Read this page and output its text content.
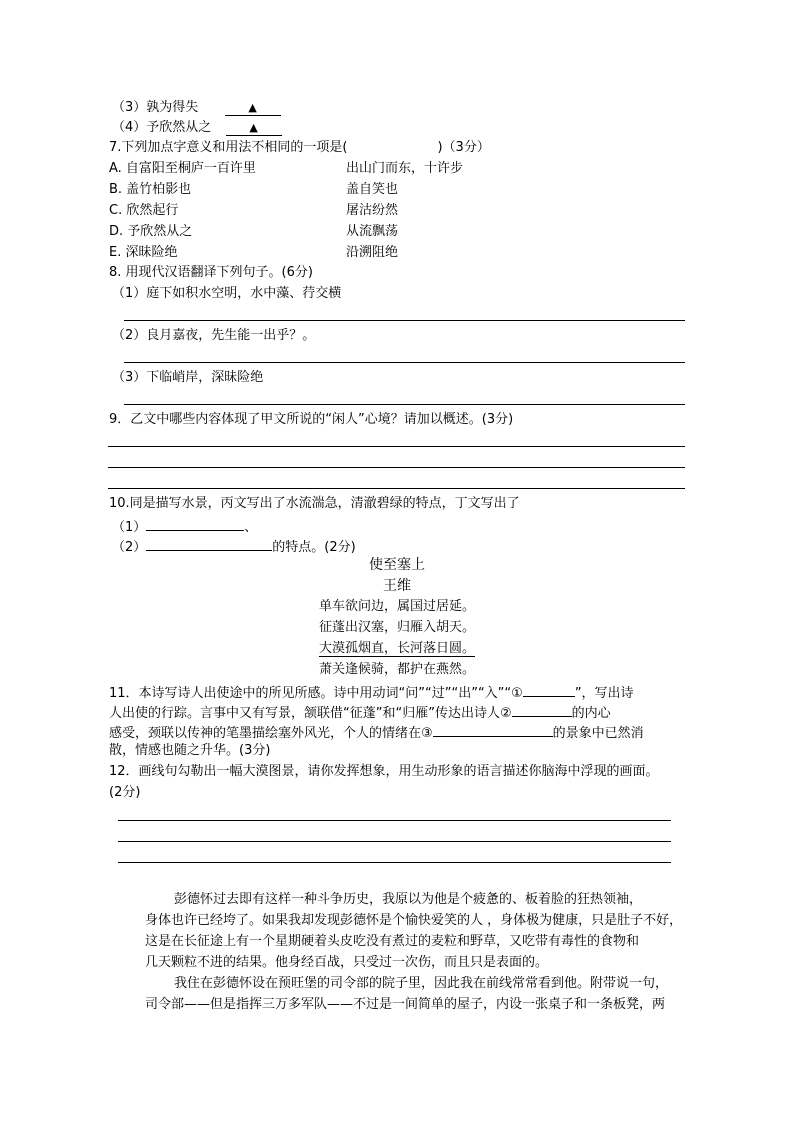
（3）孰为得失	▲
（4）予欣然从之	▲
7.下列加点字意义和用法不相同的一项是(	)（3分）
A. 自富阳至桐庐一百许里	出山门而东，十许步
B. 盖竹柏影也	盖自笑也
C. 欣然起行	屠沽纷然
D. 予欣然从之	从流飘荡
E. 深昧险绝	沿溯阻绝
8. 用现代汉语翻译下列句子。(6分)
（1）庭下如积水空明，水中藻、荇交横
（2）良月嘉夜，先生能一出乎？。
（3）下临峭岸，深昧险绝
9．乙文中哪些内容体现了甲文所说的“闲人”心境？请加以概述。(3分)
10.同是描写水景，丙文写出了水流湍急，清澈碧绿的特点，丁文写出了
（1）	、
（2）	的特点。(2分)
使至塞上
王维
单车欲问边，属国过居延。
征蓬出汉塞，归雁入胡天。
大漠孤烟直，长河落日圆。
萧关逢候骑，都护在燕然。
11．本诗写诗人出使途中的所见所感。诗中用动词“问”“过”“出”“入”“①	”，写出诗
人出使的行踪。言事中又有写景，颔联借“征蓬”和“归雁”传达出诗人②	的内心
感受，颈联以传神的笔墨描绘塞外风光，个人的情绪在③	的景象中已然消
散，情感也随之升华。(3分)
12．画线句勾勒出一幅大漠图景，请你发挥想象，用生动形象的语言描述你脑海中浮现的画面。
(2分)
彭德怀过去即有这样一种斗争历史，我原以为他是个疲惫的、板着脸的狂热领袖，
身体也许已经垮了。如果我却发现彭德怀是个愉快爱笑的人 ，身体极为健康，只是肚子不好，
这是在长征途上有一个星期硬着头皮吃没有煮过的麦粒和野草，又吃带有毒性的食物和
几天颗粒不进的结果。他身经百战，只受过一次伤，而且只是表面的。
我住在彭德怀设在预旺堡的司令部的院子里，因此我在前线常常看到他。附带说一句，
司令部——但是指挥三万多军队——不过是一间简单的屋子，内设一张桌子和一条板凳，两
